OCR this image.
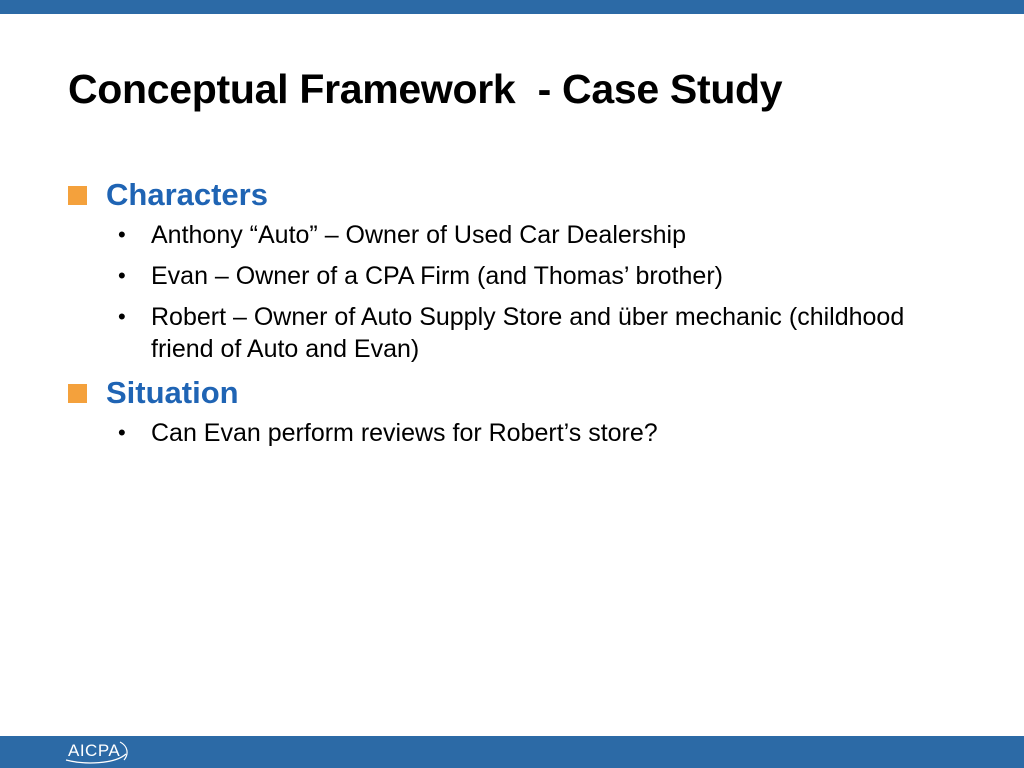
Conceptual Framework  - Case Study
Characters
• Anthony “Auto” – Owner of Used Car Dealership
• Evan – Owner of a CPA Firm (and Thomas’ brother)
• Robert – Owner of Auto Supply Store and über mechanic (childhood friend of Auto and Evan)
Situation
• Can Evan perform reviews for Robert’s store?
AICPA
